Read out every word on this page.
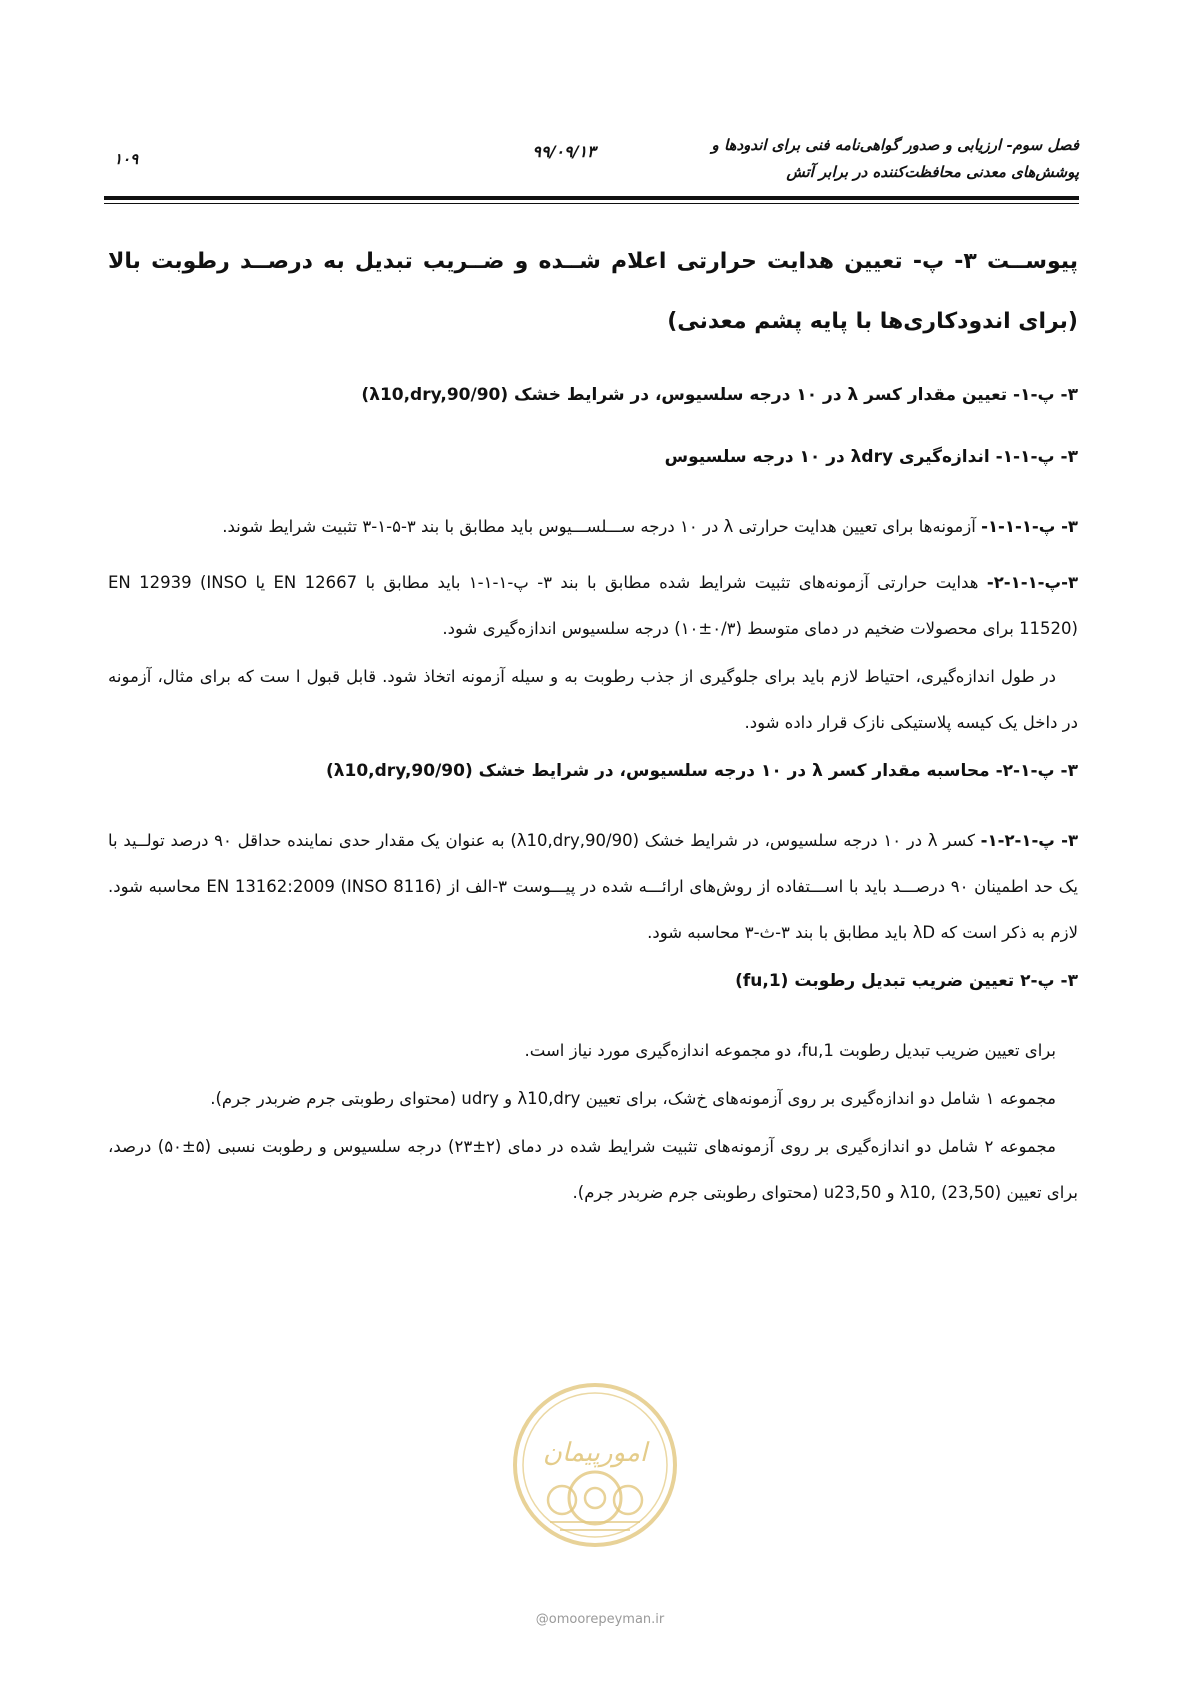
فصل سوم- ارزیابی و صدور گواهی‌نامه فنی برای اندودها و
پوشش‌های معدنی محافظت‌کننده در برابر آتش
۹۹/۰۹/۱۳
۱۰۹
پیوســت ۳- پ- تعیین هدایت حرارتی اعلام شــده و ضــریب تبدیل به درصــد رطوبت بالا (برای اندودکاری‌ها با پایه پشم معدنی)
۳- پ-۱- تعیین مقدار کسر λ در ۱۰ درجه سلسیوس، در شرایط خشک (λ10,dry,90/90)
۳- پ-۱-۱- اندازه‌گیری λdry در ۱۰ درجه سلسیوس

۳- پ-۱-۱-۱- آزمونه‌ها برای تعیین هدایت حرارتی λ در ۱۰ درجه ســـلســـیوس باید مطابق با بند ۳-۵-۱-۳ تثبیت شرایط شوند.

۳-پ-۱-۱-۲- هدایت حرارتی آزمونه‌های تثبیت شرایط شده مطابق با بند ۳- پ-۱-۱-۱ باید مطابق با EN 12667 یا EN 12939 (INSO 11520) برای محصولات ضخیم در دمای متوسط (۰/۳±۱۰) درجه سلسیوس اندازه‌گیری شود.

در طول اندازه‌گیری، احتیاط لازم باید برای جلوگیری از جذب رطوبت به و سیله آزمونه اتخاذ شود. قابل قبول ا ست که برای مثال، آزمونه در داخل یک کیسه پلاستیکی نازک قرار داده شود.

۳- پ-۱-۲- محاسبه مقدار کسر λ در ۱۰ درجه سلسیوس، در شرایط خشک (λ10,dry,90/90)

۳- پ-۱-۲-۱- کسر λ در ۱۰ درجه سلسیوس، در شرایط خشک (λ10,dry,90/90) به عنوان یک مقدار حدی نماینده حداقل ۹۰ درصد تولــید با یک حد اطمینان ۹۰ درصـــد باید با اســـتفاده از روش‌های ارائـــه شده در پیـــوست ۳-الف از EN 13162:2009 (INSO 8116) محاسبه شود. لازم به ذکر است که λD باید مطابق با بند ۳-ث-۳ محاسبه شود.

۳- پ-۲ تعیین ضریب تبدیل رطوبت (fu,1)

برای تعیین ضریب تبدیل رطوبت fu,1، دو مجموعه اندازه‌گیری مورد نیاز است.

مجموعه ۱ شامل دو اندازه‌گیری بر روی آزمونه‌های خ‌شک، برای تعیین λ10,dry و udry (محتوای رطوبتی جرم ضربدر جرم).

مجموعه ۲ شامل دو اندازه‌گیری بر روی آزمونه‌های تثبیت شرایط شده در دمای (۲±۲۳) درجه سلسیوس و رطوبت نسبی (۵±۵۰) درصد، برای تعیین λ10, (23,50) و u23,50 (محتوای رطوبتی جرم ضربدر جرم).

امورپیمان
@omoorepeyman.ir
